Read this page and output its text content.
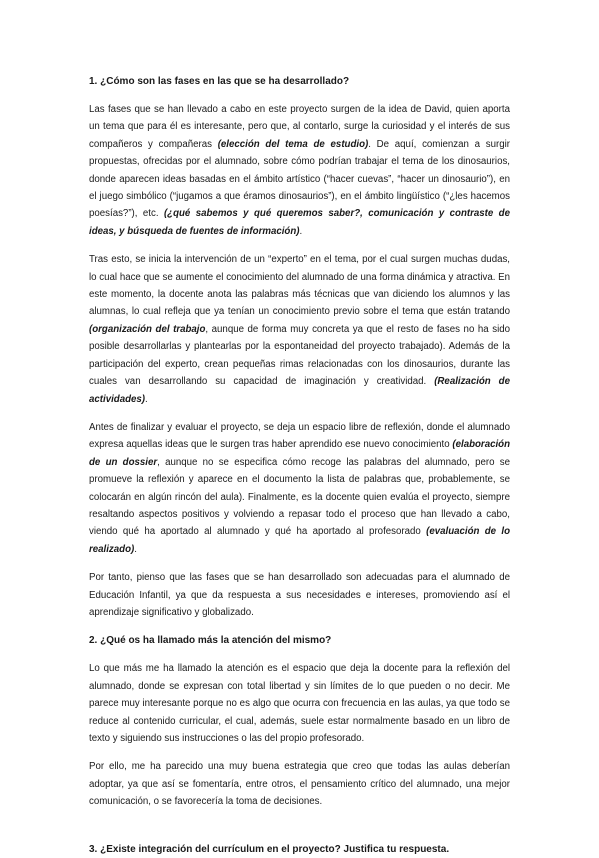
1. ¿Cómo son las fases en las que se ha desarrollado?

Las fases que se han llevado a cabo en este proyecto surgen de la idea de David, quien aporta un tema que para él es interesante, pero que, al contarlo, surge la curiosidad y el interés de sus compañeros y compañeras (elección del tema de estudio). De aquí, comienzan a surgir propuestas, ofrecidas por el alumnado, sobre cómo podrían trabajar el tema de los dinosaurios, donde aparecen ideas basadas en el ámbito artístico (“hacer cuevas”, “hacer un dinosaurio”), en el juego simbólico (“jugamos a que éramos dinosaurios”), en el ámbito lingüístico (“¿les hacemos poesías?”), etc. (¿qué sabemos y qué queremos saber?, comunicación y contraste de ideas, y búsqueda de fuentes de información).

Tras esto, se inicia la intervención de un “experto” en el tema, por el cual surgen muchas dudas, lo cual hace que se aumente el conocimiento del alumnado de una forma dinámica y atractiva. En este momento, la docente anota las palabras más técnicas que van diciendo los alumnos y las alumnas, lo cual refleja que ya tenían un conocimiento previo sobre el tema que están tratando (organización del trabajo, aunque de forma muy concreta ya que el resto de fases no ha sido posible desarrollarlas y plantearlas por la espontaneidad del proyecto trabajado). Además de la participación del experto, crean pequeñas rimas relacionadas con los dinosaurios, durante las cuales van desarrollando su capacidad de imaginación y creatividad. (Realización de actividades).

Antes de finalizar y evaluar el proyecto, se deja un espacio libre de reflexión, donde el alumnado expresa aquellas ideas que le surgen tras haber aprendido ese nuevo conocimiento (elaboración de un dossier, aunque no se especifica cómo recoge las palabras del alumnado, pero se promueve la reflexión y aparece en el documento la lista de palabras que, probablemente, se colocarán en algún rincón del aula). Finalmente, es la docente quien evalúa el proyecto, siempre resaltando aspectos positivos y volviendo a repasar todo el proceso que han llevado a cabo, viendo qué ha aportado al alumnado y qué ha aportado al profesorado (evaluación de lo realizado).

Por tanto, pienso que las fases que se han desarrollado son adecuadas para el alumnado de Educación Infantil, ya que da respuesta a sus necesidades e intereses, promoviendo así el aprendizaje significativo y globalizado.

2. ¿Qué os ha llamado más la atención del mismo?

Lo que más me ha llamado la atención es el espacio que deja la docente para la reflexión del alumnado, donde se expresan con total libertad y sin límites de lo que pueden o no decir. Me parece muy interesante porque no es algo que ocurra con frecuencia en las aulas, ya que todo se reduce al contenido curricular, el cual, además, suele estar normalmente basado en un libro de texto y siguiendo sus instrucciones o las del propio profesorado.

Por ello, me ha parecido una muy buena estrategia que creo que todas las aulas deberían adoptar, ya que así se fomentaría, entre otros, el pensamiento crítico del alumnado, una mejor comunicación, o se favorecería la toma de decisiones.

3. ¿Existe integración del currículum en el proyecto? Justifica tu respuesta.
